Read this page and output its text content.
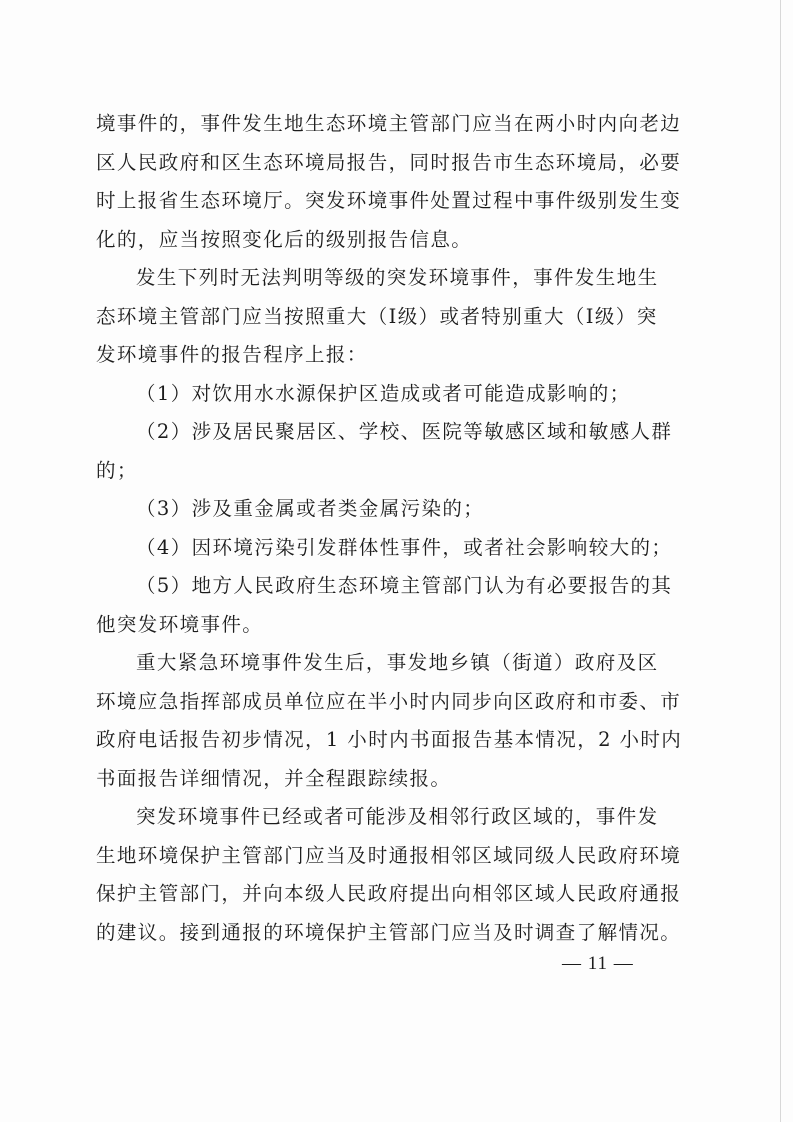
境事件的，事件发生地生态环境主管部门应当在两小时内向老边
区人民政府和区生态环境局报告，同时报告市生态环境局，必要
时上报省生态环境厅。突发环境事件处置过程中事件级别发生变
化的，应当按照变化后的级别报告信息。
发生下列时无法判明等级的突发环境事件，事件发生地生
态环境主管部门应当按照重大（Ⅰ级）或者特别重大（Ⅰ级）突
发环境事件的报告程序上报：
（1）对饮用水水源保护区造成或者可能造成影响的；
（2）涉及居民聚居区、学校、医院等敏感区域和敏感人群
的；
（3）涉及重金属或者类金属污染的；
（4）因环境污染引发群体性事件，或者社会影响较大的；
（5）地方人民政府生态环境主管部门认为有必要报告的其
他突发环境事件。
重大紧急环境事件发生后，事发地乡镇（街道）政府及区
环境应急指挥部成员单位应在半小时内同步向区政府和市委、市
政府电话报告初步情况，1 小时内书面报告基本情况，2 小时内
书面报告详细情况，并全程跟踪续报。
突发环境事件已经或者可能涉及相邻行政区域的，事件发
生地环境保护主管部门应当及时通报相邻区域同级人民政府环境
保护主管部门，并向本级人民政府提出向相邻区域人民政府通报
的建议。接到通报的环境保护主管部门应当及时调查了解情况。
— 11 —
